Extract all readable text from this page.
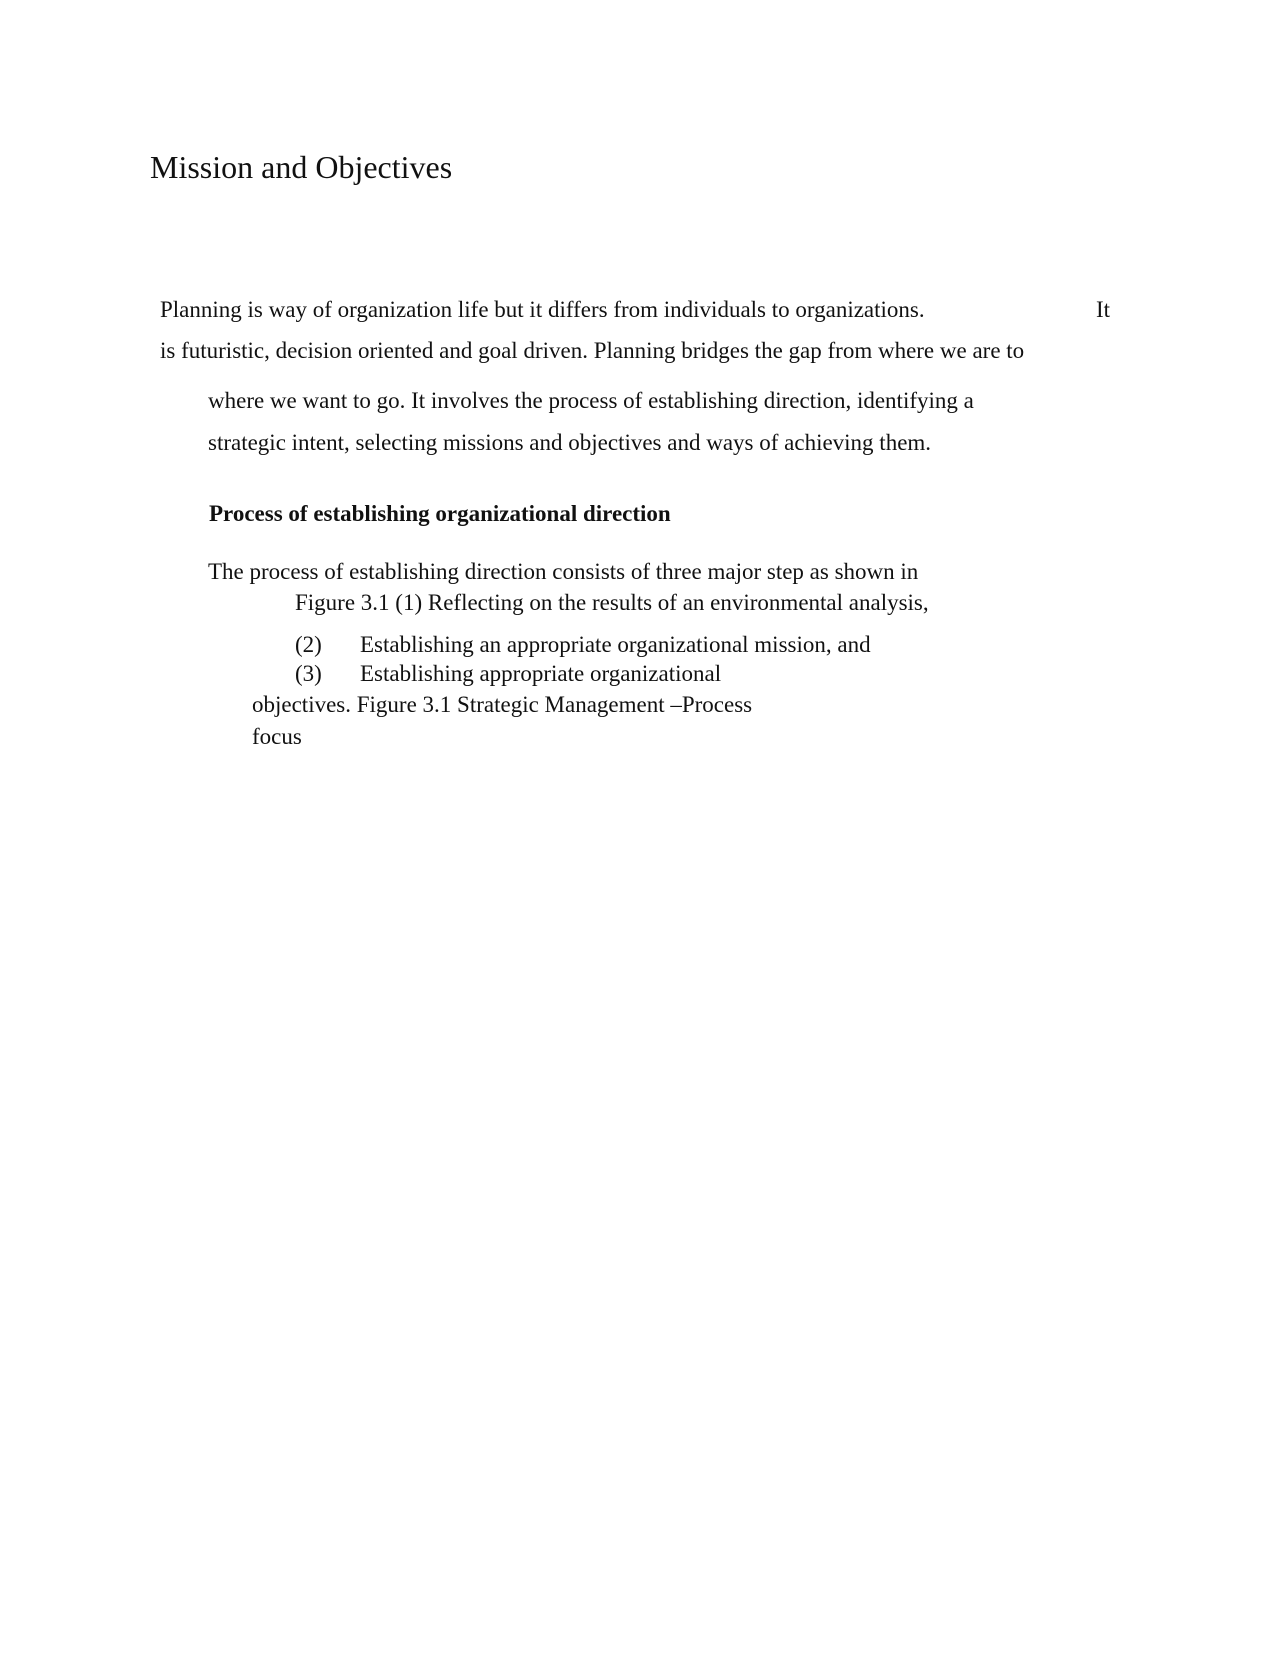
Mission and Objectives
Planning is way of organization life but it differs from individuals to organizations.	It

is futuristic, decision oriented and goal driven. Planning bridges the gap from where we are to

where we want to go. It involves the process of establishing direction, identifying a

strategic intent, selecting missions and objectives and ways of achieving them.

Process of establishing organizational direction

The process of establishing direction consists of three major step as shown in

Figure 3.1 (1) Reflecting on the results of an environmental analysis,

(2) Establishing an appropriate organizational mission, and
(3) Establishing appropriate organizational

objectives. Figure 3.1 Strategic Management –Process

focus
